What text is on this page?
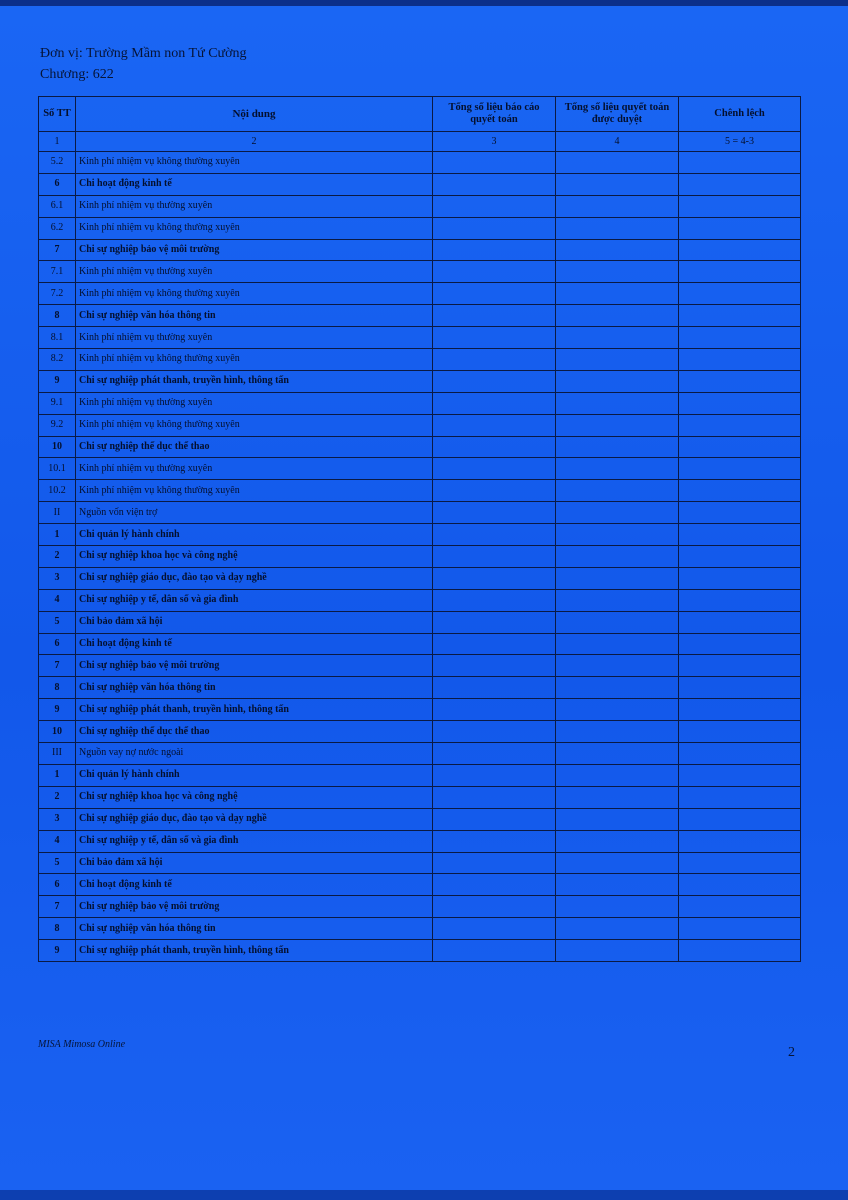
Đơn vị: Trường Mầm non Tứ Cường
Chương: 622
Số TT	Nội dung	Tổng số liệu báo cáo quyết toán	Tổng số liệu quyết toán được duyệt	Chênh lệch
1	2	3	4	5 = 4-3
5.2	Kinh phí nhiệm vụ không thường xuyên			
6	Chi hoạt động kinh tế			
6.1	Kinh phí nhiệm vụ thường xuyên			
6.2	Kinh phí nhiệm vụ không thường xuyên			
7	Chi sự nghiệp bảo vệ môi trường			
7.1	Kinh phí nhiệm vụ thường xuyên			
7.2	Kinh phí nhiệm vụ không thường xuyên			
8	Chi sự nghiệp văn hóa thông tin			
8.1	Kinh phí nhiệm vụ thường xuyên			
8.2	Kinh phí nhiệm vụ không thường xuyên			
9	Chi sự nghiệp phát thanh, truyền hình, thông tấn			
9.1	Kinh phí nhiệm vụ thường xuyên			
9.2	Kinh phí nhiệm vụ không thường xuyên			
10	Chi sự nghiệp thể dục thể thao			
10.1	Kinh phí nhiệm vụ thường xuyên			
10.2	Kinh phí nhiệm vụ không thường xuyên			
II	Nguồn vốn viện trợ			
1	Chi quản lý hành chính			
2	Chi sự nghiệp khoa học và công nghệ			
3	Chi sự nghiệp giáo dục, đào tạo và dạy nghề			
4	Chi sự nghiệp y tế, dân số và gia đình			
5	Chi bảo đảm xã hội			
6	Chi hoạt động kinh tế			
7	Chi sự nghiệp bảo vệ môi trường			
8	Chi sự nghiệp văn hóa thông tin			
9	Chi sự nghiệp phát thanh, truyền hình, thông tấn			
10	Chi sự nghiệp thể dục thể thao			
III	Nguồn vay nợ nước ngoài			
1	Chi quản lý hành chính			
2	Chi sự nghiệp khoa học và công nghệ			
3	Chi sự nghiệp giáo dục, đào tạo và dạy nghề			
4	Chi sự nghiệp y tế, dân số và gia đình			
5	Chi bảo đảm xã hội			
6	Chi hoạt động kinh tế			
7	Chi sự nghiệp bảo vệ môi trường			
8	Chi sự nghiệp văn hóa thông tin			
9	Chi sự nghiệp phát thanh, truyền hình, thông tấn			
MISA Mimosa Online
2
